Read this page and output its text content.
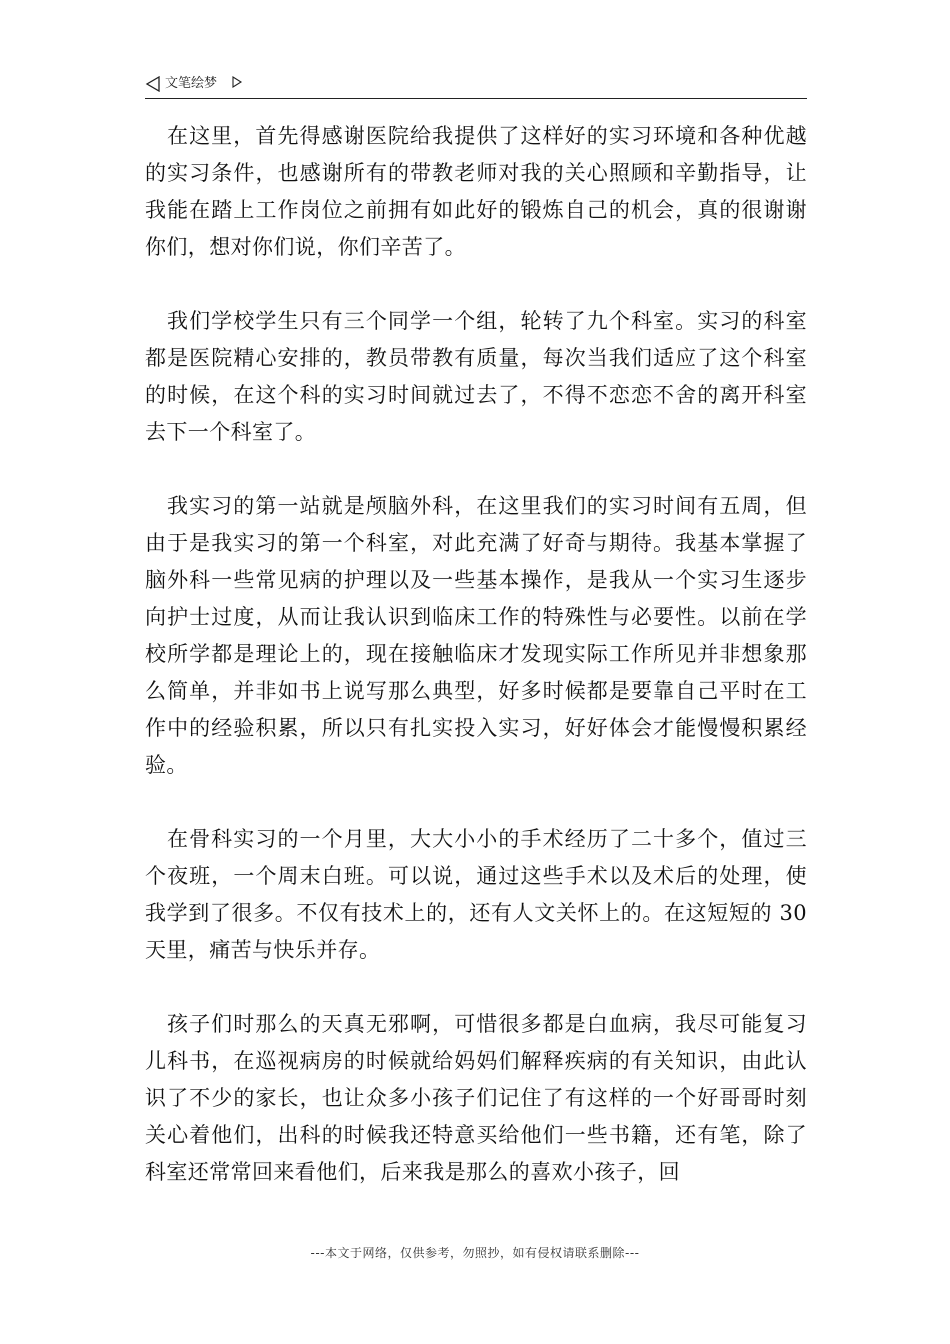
文笔绘梦

在这里，首先得感谢医院给我提供了这样好的实习环境和各种优越的实习条件，也感谢所有的带教老师对我的关心照顾和辛勤指导，让我能在踏上工作岗位之前拥有如此好的锻炼自己的机会，真的很谢谢你们，想对你们说，你们辛苦了。

我们学校学生只有三个同学一个组，轮转了九个科室。实习的科室都是医院精心安排的，教员带教有质量，每次当我们适应了这个科室的时候，在这个科的实习时间就过去了，不得不恋恋不舍的离开科室去下一个科室了。

我实习的第一站就是颅脑外科，在这里我们的实习时间有五周，但由于是我实习的第一个科室，对此充满了好奇与期待。我基本掌握了脑外科一些常见病的护理以及一些基本操作，是我从一个实习生逐步向护士过度，从而让我认识到临床工作的特殊性与必要性。以前在学校所学都是理论上的，现在接触临床才发现实际工作所见并非想象那么简单，并非如书上说写那么典型，好多时候都是要靠自己平时在工作中的经验积累，所以只有扎实投入实习，好好体会才能慢慢积累经验。

在骨科实习的一个月里，大大小小的手术经历了二十多个，值过三个夜班，一个周末白班。可以说，通过这些手术以及术后的处理，使我学到了很多。不仅有技术上的，还有人文关怀上的。在这短短的 30 天里，痛苦与快乐并存。

孩子们时那么的天真无邪啊，可惜很多都是白血病，我尽可能复习儿科书，在巡视病房的时候就给妈妈们解释疾病的有关知识，由此认识了不少的家长，也让众多小孩子们记住了有这样的一个好哥哥时刻关心着他们，出科的时候我还特意买给他们一些书籍，还有笔，除了科室还常常回来看他们，后来我是那么的喜欢小孩子，回

---本文于网络，仅供参考，勿照抄，如有侵权请联系删除---
